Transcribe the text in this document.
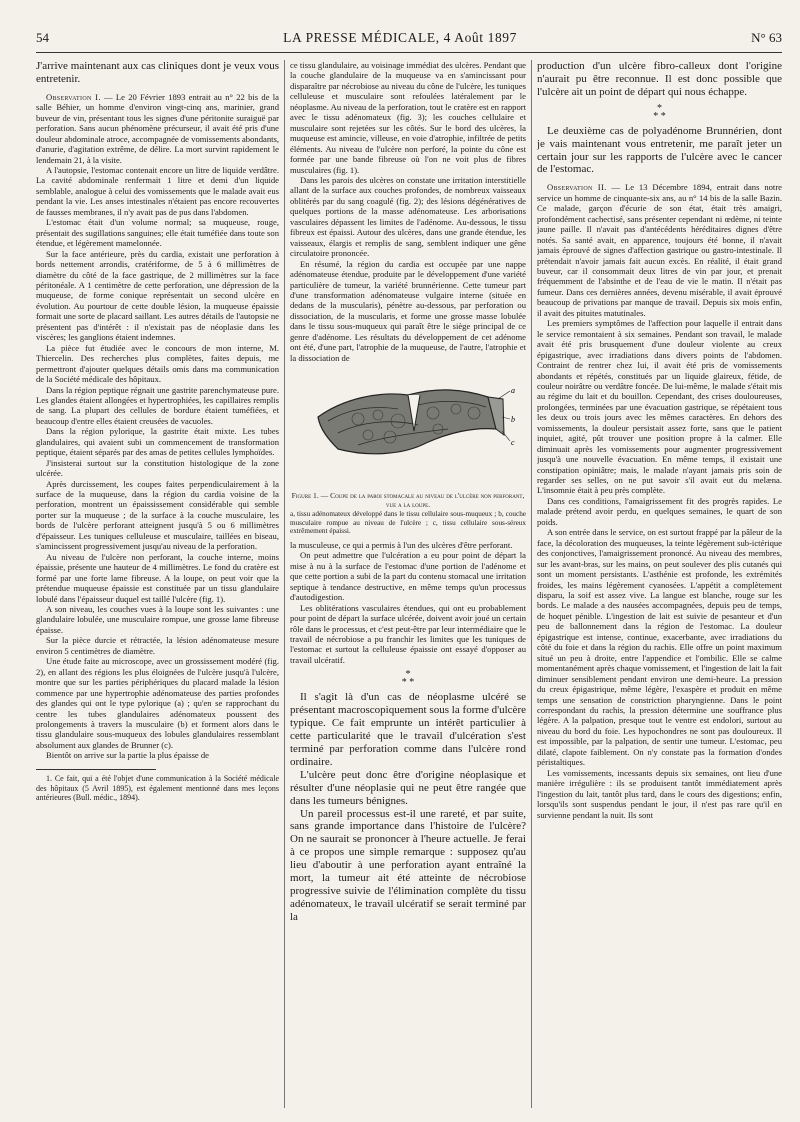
54	LA PRESSE MÉDICALE, 4 Août 1897	N° 63

J'arrive maintenant aux cas cliniques dont je veux vous entretenir.

Observation I. — Le 20 Février 1893 entrait au n° 22 bis de la salle Béhier, un homme d'environ vingt-cinq ans, marinier, grand buveur de vin, présentant tous les signes d'une péritonite suraiguë par perforation. Sans aucun phénomène précurseur, il avait été pris d'une douleur abdominale atroce, accompagnée de vomissements abondants, d'anurie, d'agitation extrême, de délire. La mort survint rapidement le lendemain 21, à la visite.

A l'autopsie, l'estomac contenait encore un litre de liquide verdâtre. La cavité abdominale renfermait 1 litre et demi d'un liquide semblable, analogue à celui des vomissements que le malade avait eus pendant la vie. Les anses intestinales n'étaient pas encore recouvertes de fausses membranes, il n'y avait pas de pus dans l'abdomen.

L'estomac était d'un volume normal; sa muqueuse, rouge, présentait des sugillations sanguines; elle était tuméfiée dans toute son étendue, et légèrement mamelonnée.

Sur la face antérieure, près du cardia, existait une perforation à bords nettement arrondis, cratériforme, de 5 à 6 millimètres de diamètre du côté de la face gastrique, de 2 millimètres sur la face péritonéale. A 1 centimètre de cette perforation, une dépression de la muqueuse, de forme conique représentait un second ulcère en évolution. Au pourtour de cette double lésion, la muqueuse épaissie formait une sorte de placard saillant. Les autres détails de l'autopsie ne présentent pas d'intérêt : il n'existait pas de néoplasie dans les viscères; les ganglions étaient indemnes.

La pièce fut étudiée avec le concours de mon interne, M. Thiercelin. Des recherches plus complètes, faites depuis, me permettront d'ajouter quelques détails omis dans ma communication de la Société médicale des hôpitaux.

Dans la région peptique régnait une gastrite parenchymateuse pure. Les glandes étaient allongées et hypertrophiées, les capillaires remplis de sang. La plupart des cellules de bordure étaient tuméfiées, et beaucoup d'entre elles étaient creusées de vacuoles.

Dans la région pylorique, la gastrite était mixte. Les tubes glandulaires, qui avaient subi un commencement de transformation peptique, étaient séparés par des amas de petites cellules lymphoïdes.

J'insisterai surtout sur la constitution histologique de la zone ulcérée.

Après durcissement, les coupes faites perpendiculairement à la surface de la muqueuse, dans la région du cardia voisine de la perforation, montrent un épaississement considérable qui semble porter sur la muqueuse ; de la surface à la couche musculaire, les bords de l'ulcère perforant atteignent jusqu'à 5 ou 6 millimètres d'épaisseur. Les tuniques celluleuse et musculaire, taillées en biseau, s'amincissent progressivement jusqu'au niveau de la perforation.

Au niveau de l'ulcère non perforant, la couche interne, moins épaissie, présente une hauteur de 4 millimètres. Le fond du cratère est formé par une forte lame fibreuse. A la loupe, on peut voir que la prétendue muqueuse épaissie est constituée par un tissu glandulaire lobulé dans l'épaisseur duquel est taillé l'ulcère (fig. 1).

A son niveau, les couches vues à la loupe sont les suivantes : une glandulaire lobulée, une musculaire rompue, une grosse lame fibreuse épaisse.

Sur la pièce durcie et rétractée, la lésion adénomateuse mesure environ 5 centimètres de diamètre.

Une étude faite au microscope, avec un grossissement modéré (fig. 2), en allant des régions les plus éloignées de l'ulcère jusqu'à l'ulcère, montre que sur les parties périphériques du placard malade la lésion commence par une hypertrophie adénomateuse des parties profondes des glandes qui ont le type pylorique (a) ; qu'en se rapprochant du centre les tubes glandulaires adénomateux poussent des prolongements à travers la musculaire (b) et forment alors dans le tissu glandulaire sous-muqueux des lobules glandulaires ressemblant absolument aux glandes de Brunner (c).

Bientôt on arrive sur la partie la plus épaisse de

1. Ce fait, qui a été l'objet d'une communication à la Société médicale des hôpitaux (5 Avril 1895), est également mentionné dans mes leçons antérieures (Bull. médic., 1894).

ce tissu glandulaire, au voisinage immédiat des ulcères. Pendant que la couche glandulaire de la muqueuse va en s'amincissant pour disparaître par nécrobiose au niveau du cône de l'ulcère, les tuniques celluleuse et musculaire sont refoulées latéralement par le néoplasme. Au niveau de la perforation, tout le cratère est en rapport avec le tissu adénomateux (fig. 3); les couches cellulaire et musculaire sont rejetées sur les côtés. Sur le bord des ulcères, la muqueuse est amincie, villeuse, en voie d'atrophie, infiltrée de petits éléments. Au niveau de l'ulcère non perforé, la pointe du cône est formée par une bande fibreuse où l'on ne voit plus de fibres musculaires (fig. 1).

Dans les parois des ulcères on constate une irritation interstitielle allant de la surface aux couches profondes, de nombreux vaisseaux oblitérés par du sang coagulé (fig. 2); des lésions dégénératives de quelques portions de la masse adénomateuse. Les arborisations vasculaires dépassent les limites de l'adénome. Au-dessous, le tissu fibreux est épaissi. Autour des ulcères, dans une grande étendue, les vaisseaux, élargis et remplis de sang, semblent indiquer une gêne circulatoire prononcée.

En résumé, la région du cardia est occupée par une nappe adénomateuse étendue, produite par le développement d'une variété particulière de tumeur, la variété brunnérienne. Cette tumeur part d'une transformation adénomateuse vulgaire interne (située en dedans de la muscularis), pénètre au-dessous, par perforation ou dissociation, de la muscularis, et forme une grosse masse lobulée dans le tissu sous-muqueux qui paraît être le siège principal de ce genre d'adénome. Les résultats du développement de cet adénome ont été, d'une part, l'atrophie de la muqueuse, de l'autre, l'atrophie et la dissociation de

a
b
c
Figure 1. — Coupe de la paroi stomacale au niveau de l'ulcère non perforant, vue a la loupe.
a, tissu adénomateux développé dans le tissu cellulaire sous-muqueux ; b, couche musculaire rompue au niveau de l'ulcère ; c, tissu cellulaire sous-séreux extrêmement épaissi.

la musculeuse, ce qui a permis à l'un des ulcères d'être perforant.

On peut admettre que l'ulcération a eu pour point de départ la mise à nu à la surface de l'estomac d'une portion de l'adénome et que cette portion a subi de la part du contenu stomacal une irritation septique à tendance destructive, en même temps qu'un processus d'autodigestion.

Les oblitérations vasculaires étendues, qui ont eu probablement pour point de départ la surface ulcérée, doivent avoir joué un certain rôle dans le processus, et c'est peut-être par leur intermédiaire que le travail de nécrobiose a pu franchir les limites que les tuniques de l'estomac et surtout la celluleuse épaissie ont essayé d'opposer au travail ulcératif.

*
* *

Il s'agit là d'un cas de néoplasme ulcéré se présentant macroscopiquement sous la forme d'ulcère typique. Ce fait emprunte un intérêt particulier à cette particularité que le travail d'ulcération s'est terminé par perforation comme dans l'ulcère rond ordinaire.

L'ulcère peut donc être d'origine néoplasique et résulter d'une néoplasie qui ne peut être rangée que dans les tumeurs bénignes.

Un pareil processus est-il une rareté, et par suite, sans grande importance dans l'histoire de l'ulcère? On ne saurait se prononcer à l'heure actuelle. Je ferai à ce propos une simple remarque : supposez qu'au lieu d'aboutir à une perforation ayant entraîné la mort, la tumeur ait été atteinte de nécrobiose progressive suivie de l'élimination complète du tissu adénomateux, le travail ulcératif se serait terminé par la

production d'un ulcère fibro-calleux dont l'origine n'aurait pu être reconnue. Il est donc possible que l'ulcère ait un point de départ qui nous échappe.

*
* *

Le deuxième cas de polyadénome Brunnérien, dont je vais maintenant vous entretenir, me paraît jeter un certain jour sur les rapports de l'ulcère avec le cancer de l'estomac.

Observation II. — Le 13 Décembre 1894, entrait dans notre service un homme de cinquante-six ans, au n° 14 bis de la salle Bazin. Ce malade, garçon d'écurie de son état, était très amaigri, profondément cachectisé, sans présenter cependant ni œdème, ni teinte jaune paille. Il n'avait pas d'antécédents héréditaires dignes d'être notés. Sa santé avait, en apparence, toujours été bonne, il n'avait jamais éprouvé de signes d'affection gastrique ou gastro-intestinale. Il prétendait n'avoir jamais fait aucun excès. En réalité, il était grand buveur, car il consommait deux litres de vin par jour, et prenait fréquemment de l'absinthe et de l'eau de vie le matin. Il n'était pas fumeur. Dans ces dernières années, devenu misérable, il avait éprouvé beaucoup de privations par manque de travail. Depuis six mois enfin, il avait des pituites matutinales.

Les premiers symptômes de l'affection pour laquelle il entrait dans le service remontaient à six semaines. Pendant son travail, le malade avait été pris brusquement d'une douleur violente au creux épigastrique, avec irradiations dans divers points de l'abdomen. Contraint de rentrer chez lui, il avait été pris de vomissements abondants et répétés, constitués par un liquide glaireux, fétide, de couleur noirâtre ou verdâtre foncée. De lui-même, le malade s'était mis au régime du lait et du bouillon. Cependant, des crises douloureuses, prolongées, terminées par une évacuation gastrique, se répétaient tous les deux ou trois jours avec les mêmes caractères. En dehors des vomissements, la douleur persistait assez forte, sans que le patient inquiet, agité, pût trouver une position propre à la calmer. Elle diminuait après les vomissements pour augmenter progressivement jusqu'à une nouvelle évacuation. En même temps, il existait une constipation opiniâtre; mais, le malade n'ayant jamais pris soin de regarder ses selles, on ne put savoir s'il avait eut du melæna. L'insomnie était à peu près complète.

Dans ces conditions, l'amaigrissement fit des progrès rapides. Le malade prétend avoir perdu, en quelques semaines, le quart de son poids.

A son entrée dans le service, on est surtout frappé par la pâleur de la face, la décoloration des muqueuses, la teinte légèrement sub-ictérique des conjonctives, l'amaigrissement prononcé. Au niveau des membres, sur les avant-bras, sur les mains, on peut soulever des plis cutanés qui sont un moment persistants. L'asthénie est profonde, les extrémités froides, les mains légèrement cyanosées. L'appétit a complètement disparu, la soif est assez vive. La langue est blanche, rouge sur les bords. Le malade a des nausées accompagnées, depuis peu de temps, de hoquet pénible. L'ingestion de lait est suivie de pesanteur et d'un peu de ballonnement dans la région de l'estomac. La douleur épigastrique est intense, continue, exacerbante, avec irradiations du côté du foie et dans la région du rachis. Elle offre un point maximum situé un peu à droite, entre l'appendice et l'ombilic. Elle se calme momentanément après chaque vomissement, et l'ingestion de lait la fait diminuer sensiblement pendant environ une demi-heure. La pression du creux épigastrique, même légère, l'exaspère et produit en même temps une sensation de constriction pharyngienne. Dans le point correspondant du rachis, la pression détermine une souffrance plus légère. A la palpation, presque tout le ventre est endolori, surtout au niveau du bord du foie. Les hypochondres ne sont pas douloureux. Il est impossible, par la palpation, de sentir une tumeur. L'estomac, peu dilaté, clapote faiblement. On n'y constate pas la formation d'ondes péristaltiques.

Les vomissements, incessants depuis six semaines, ont lieu d'une manière irrégulière : ils se produisent tantôt immédiatement après l'ingestion du lait, tantôt plus tard, dans le cours des digestions; enfin, lorsqu'ils sont suspendus pendant le jour, il n'est pas rare qu'il en survienne pendant la nuit. Ils sont
